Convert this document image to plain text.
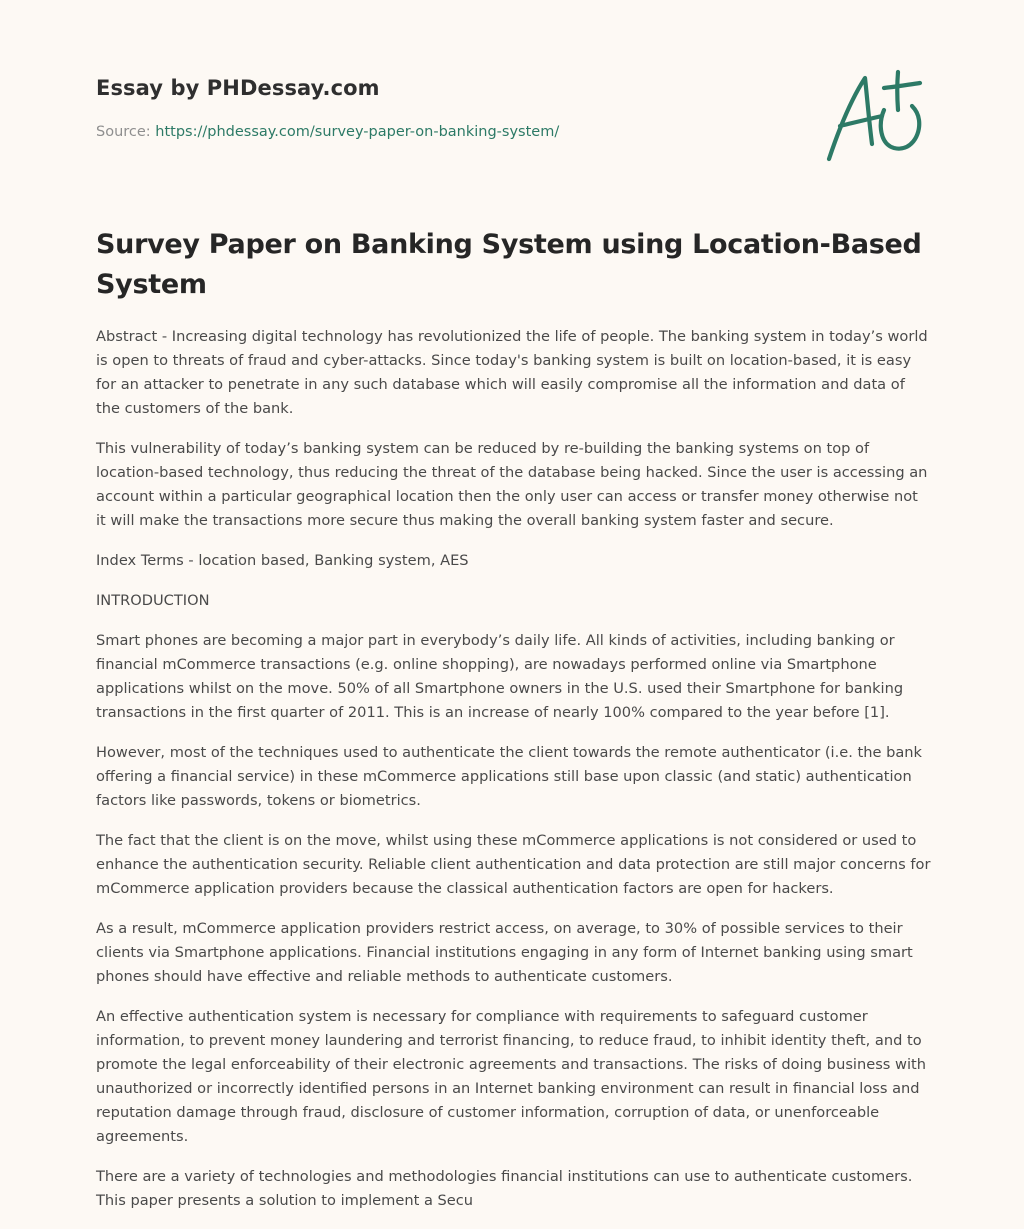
Essay by PHDessay.com
Source: https://phdessay.com/survey-paper-on-banking-system/
Survey Paper on Banking System using Location-Based System

Abstract - Increasing digital technology has revolutionized the life of people. The banking system in today’s world is open to threats of fraud and cyber-attacks. Since today's banking system is built on location-based, it is easy for an attacker to penetrate in any such database which will easily compromise all the information and data of the customers of the bank.

This vulnerability of today’s banking system can be reduced by re-building the banking systems on top of location-based technology, thus reducing the threat of the database being hacked. Since the user is accessing an account within a particular geographical location then the only user can access or transfer money otherwise not it will make the transactions more secure thus making the overall banking system faster and secure.

Index Terms - location based, Banking system, AES

INTRODUCTION

Smart phones are becoming a major part in everybody’s daily life. All kinds of activities, including banking or financial mCommerce transactions (e.g. online shopping), are nowadays performed online via Smartphone applications whilst on the move. 50% of all Smartphone owners in the U.S. used their Smartphone for banking transactions in the first quarter of 2011. This is an increase of nearly 100% compared to the year before [1].

However, most of the techniques used to authenticate the client towards the remote authenticator (i.e. the bank offering a financial service) in these mCommerce applications still base upon classic (and static) authentication factors like passwords, tokens or biometrics.

The fact that the client is on the move, whilst using these mCommerce applications is not considered or used to enhance the authentication security. Reliable client authentication and data protection are still major concerns for mCommerce application providers because the classical authentication factors are open for hackers.

As a result, mCommerce application providers restrict access, on average, to 30% of possible services to their clients via Smartphone applications. Financial institutions engaging in any form of Internet banking using smart phones should have effective and reliable methods to authenticate customers.

An effective authentication system is necessary for compliance with requirements to safeguard customer information, to prevent money laundering and terrorist financing, to reduce fraud, to inhibit identity theft, and to promote the legal enforceability of their electronic agreements and transactions. The risks of doing business with unauthorized or incorrectly identified persons in an Internet banking environment can result in financial loss and reputation damage through fraud, disclosure of customer information, corruption of data, or unenforceable agreements.

There are a variety of technologies and methodologies financial institutions can use to authenticate customers. This paper presents a solution to implement a Secu
